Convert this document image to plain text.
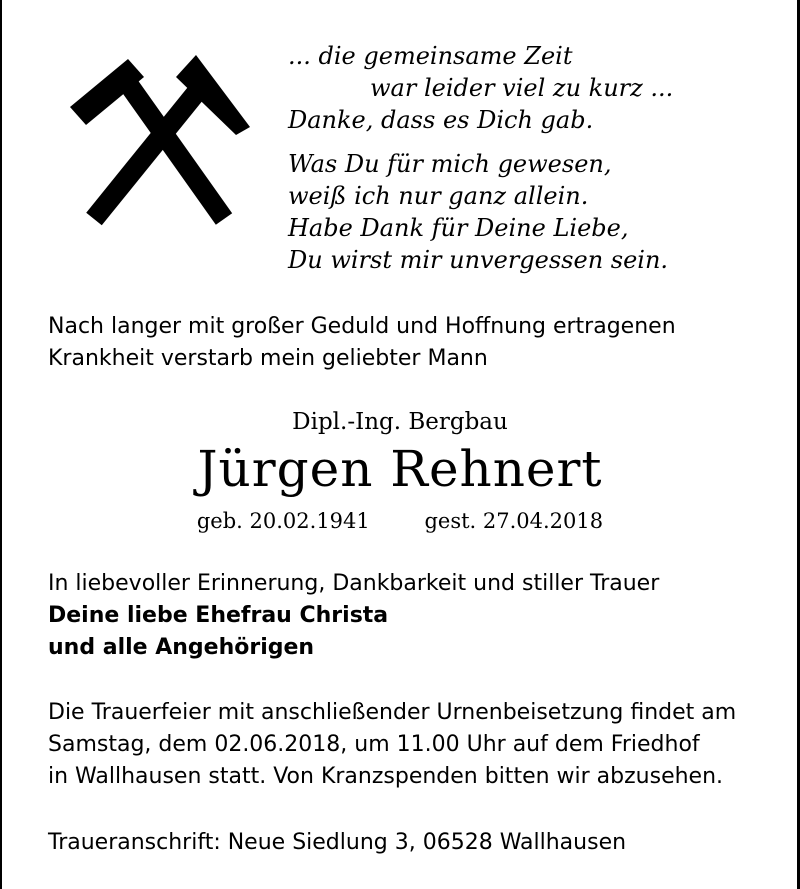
... die gemeinsame Zeit
war leider viel zu kurz ...
Danke, dass es Dich gab.
Was Du für mich gewesen,
weiß ich nur ganz allein.
Habe Dank für Deine Liebe,
Du wirst mir unvergessen sein.
Nach langer mit großer Geduld und Hoffnung ertragenen
Krankheit verstarb mein geliebter Mann
Dipl.-Ing. Bergbau
Jürgen Rehnert
geb. 20.02.1941	gest. 27.04.2018
In liebevoller Erinnerung, Dankbarkeit und stiller Trauer
Deine liebe Ehefrau Christa
und alle Angehörigen
Die Trauerfeier mit anschließender Urnenbeisetzung findet am
Samstag, dem 02.06.2018, um 11.00 Uhr auf dem Friedhof
in Wallhausen statt. Von Kranzspenden bitten wir abzusehen.
Traueranschrift: Neue Siedlung 3, 06528 Wallhausen
